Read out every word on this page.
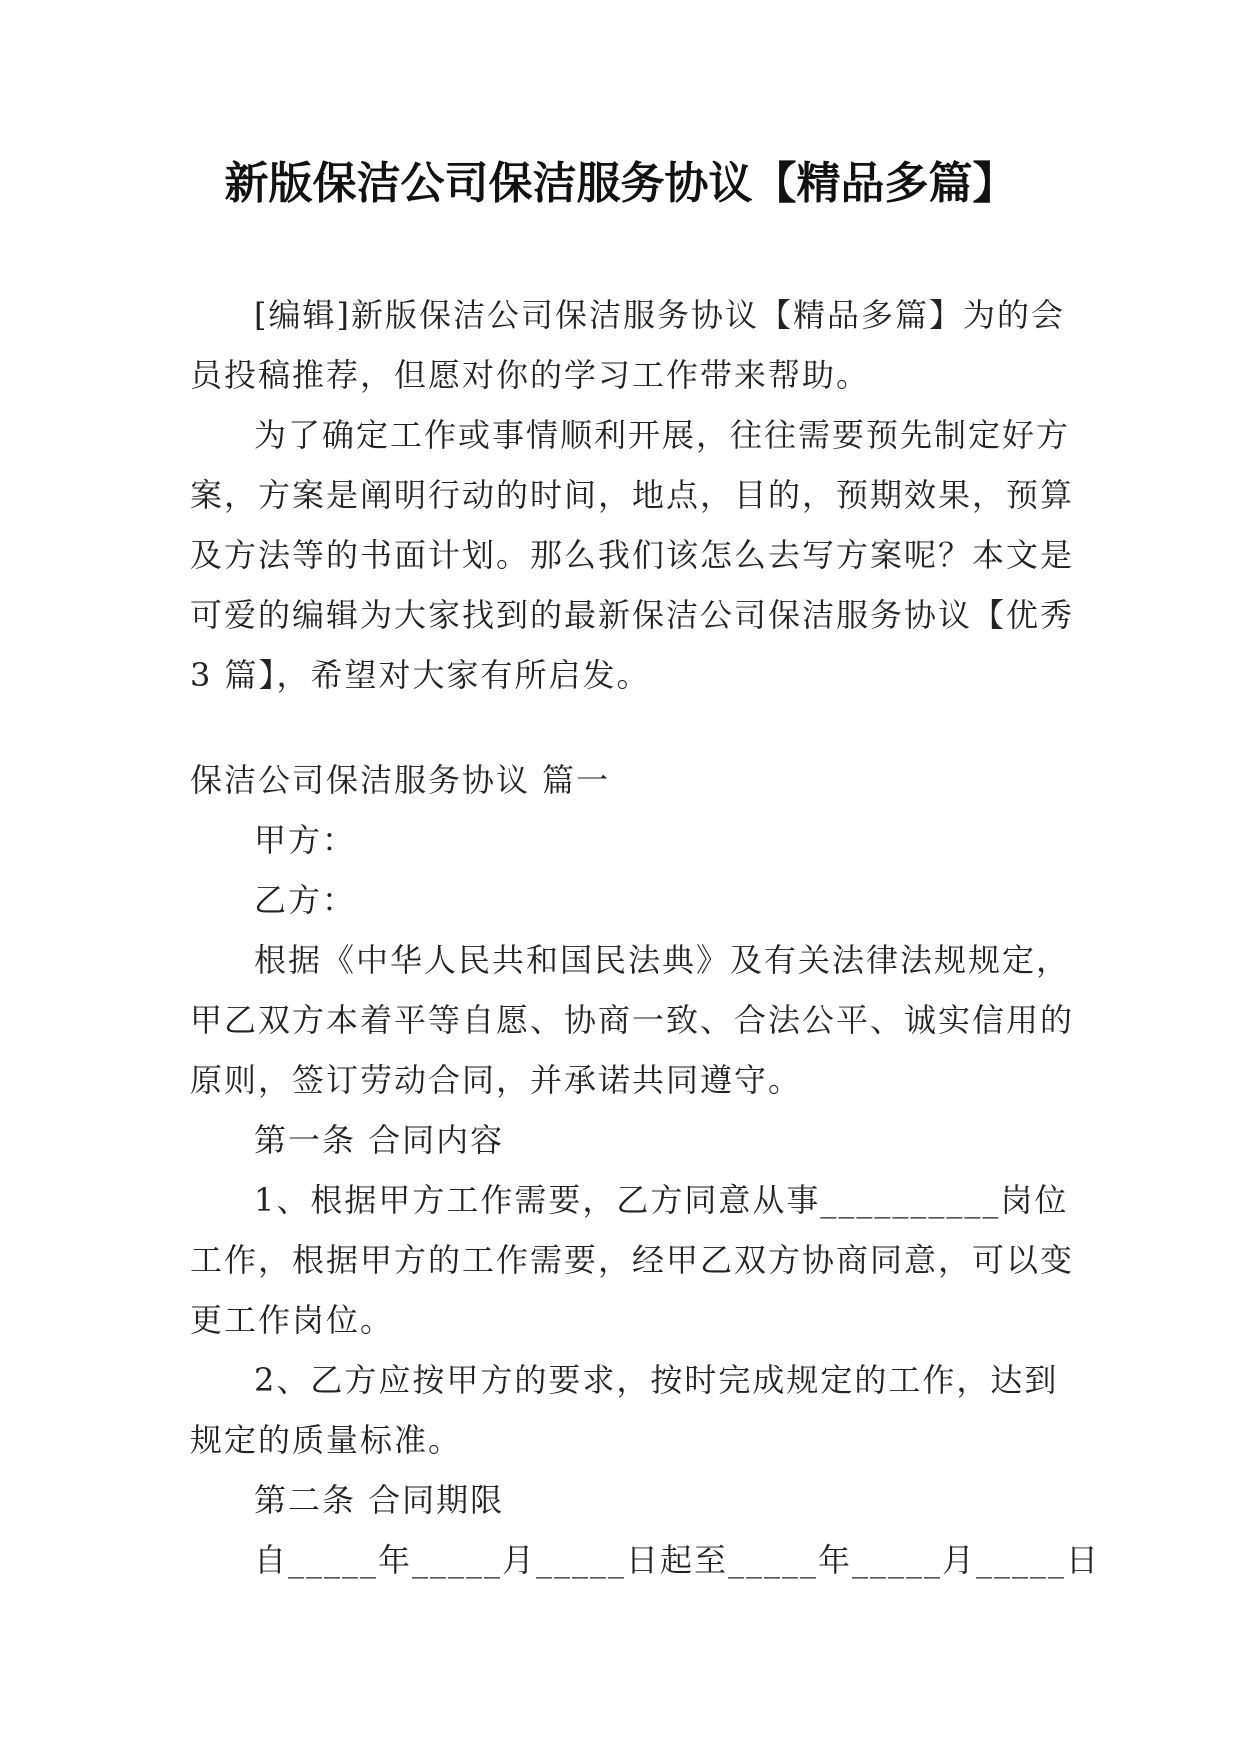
新版保洁公司保洁服务协议【精品多篇】
[编辑]新版保洁公司保洁服务协议【精品多篇】为的会
员投稿推荐，但愿对你的学习工作带来帮助。
为了确定工作或事情顺利开展，往往需要预先制定好方
案，方案是阐明行动的时间，地点，目的，预期效果，预算
及方法等的书面计划。那么我们该怎么去写方案呢？本文是
可爱的编辑为大家找到的最新保洁公司保洁服务协议【优秀
3 篇】，希望对大家有所启发。
保洁公司保洁服务协议 篇一
甲方：
乙方：
根据《中华人民共和国民法典》及有关法律法规规定，
甲乙双方本着平等自愿、协商一致、合法公平、诚实信用的
原则，签订劳动合同，并承诺共同遵守。
第一条 合同内容
1、根据甲方工作需要，乙方同意从事__________岗位
工作，根据甲方的工作需要，经甲乙双方协商同意，可以变
更工作岗位。
2、乙方应按甲方的要求，按时完成规定的工作，达到
规定的质量标准。
第二条 合同期限
自_____年_____月_____日起至_____年_____月_____日
